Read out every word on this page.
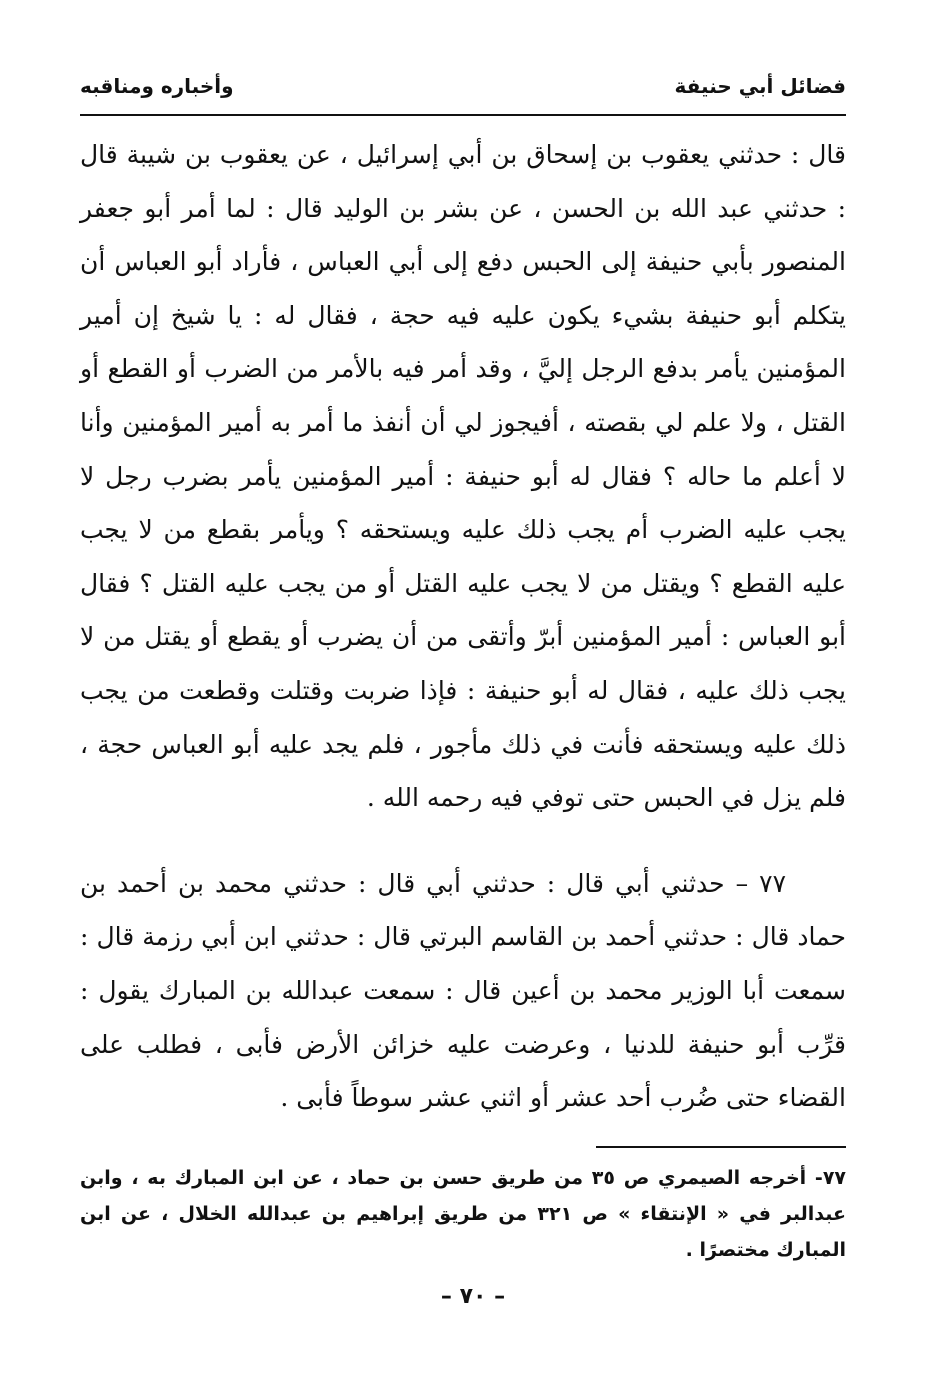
فضائل أبي حنيفة
وأخباره ومناقبه

قال : حدثني يعقوب بن إسحاق بن أبي إسرائيل ، عن يعقوب بن شيبة قال : حدثني عبد الله بن الحسن ، عن بشر بن الوليد قال : لما أمر أبو جعفر المنصور بأبي حنيفة إلى الحبس دفع إلى أبي العباس ، فأراد أبو العباس أن يتكلم أبو حنيفة بشيء يكون عليه فيه حجة ، فقال له : يا شيخ إن أمير المؤمنين يأمر بدفع الرجل إليَّ ، وقد أمر فيه بالأمر من الضرب أو القطع أو القتل ، ولا علم لي بقصته ، أفيجوز لي أن أنفذ ما أمر به أمير المؤمنين وأنا لا أعلم ما حاله ؟ فقال له أبو حنيفة : أمير المؤمنين يأمر بضرب رجل لا يجب عليه الضرب أم يجب ذلك عليه ويستحقه ؟ ويأمر بقطع من لا يجب عليه القطع ؟ ويقتل من لا يجب عليه القتل أو من يجب عليه القتل ؟ فقال أبو العباس : أمير المؤمنين أبرّ وأتقى من أن يضرب أو يقطع أو يقتل من لا يجب ذلك عليه ، فقال له أبو حنيفة : فإذا ضربت وقتلت وقطعت من يجب ذلك عليه ويستحقه فأنت في ذلك مأجور ، فلم يجد عليه أبو العباس حجة ، فلم يزل في الحبس حتى توفي فيه رحمه الله .

٧٧ – حدثني أبي قال : حدثني أبي قال : حدثني محمد بن أحمد بن حماد قال : حدثني أحمد بن القاسم البرتي قال : حدثني ابن أبي رزمة قال : سمعت أبا الوزير محمد بن أعين قال : سمعت عبدالله بن المبارك يقول : قرِّب أبو حنيفة للدنيا ، وعرضت عليه خزائن الأرض فأبى ، فطلب على القضاء حتى ضُرب أحد عشر أو اثني عشر سوطاً فأبى .

٧٧- أخرجه الصيمري ص ٣٥ من طريق حسن بن حماد ، عن ابن المبارك به ، وابن عبدالبر في « الإنتقاء » ص ٣٢١ من طريق إبراهيم بن عبدالله الخلال ، عن ابن المبارك مختصرًا .

– ٧٠ –
